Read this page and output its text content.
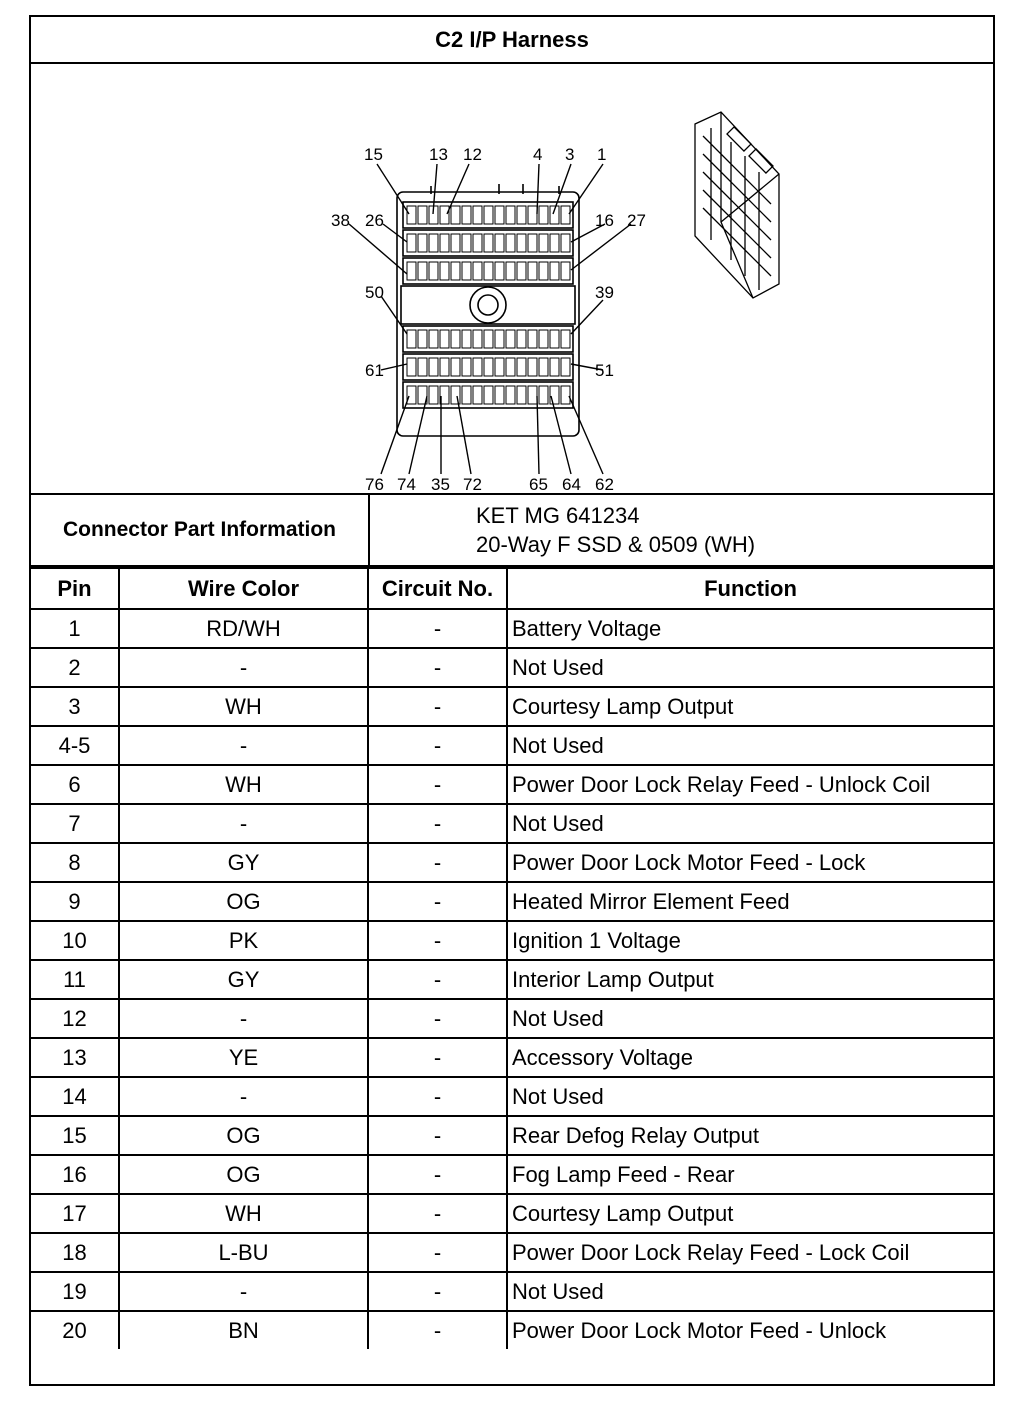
C2 I/P Harness
15	13 12	4 3 1
38 26	16 27
50	39
61	51
76 74 35 72	65 64 62
Connector Part Information
KET MG 641234
20-Way F SSD & 0509 (WH)
Pin	Wire Color	Circuit No.	Function
1	RD/WH	-	Battery Voltage
2	-	-	Not Used
3	WH	-	Courtesy Lamp Output
4-5	-	-	Not Used
6	WH	-	Power Door Lock Relay Feed - Unlock Coil
7	-	-	Not Used
8	GY	-	Power Door Lock Motor Feed - Lock
9	OG	-	Heated Mirror Element Feed
10	PK	-	Ignition 1 Voltage
11	GY	-	Interior Lamp Output
12	-	-	Not Used
13	YE	-	Accessory Voltage
14	-	-	Not Used
15	OG	-	Rear Defog Relay Output
16	OG	-	Fog Lamp Feed - Rear
17	WH	-	Courtesy Lamp Output
18	L-BU	-	Power Door Lock Relay Feed - Lock Coil
19	-	-	Not Used
20	BN	-	Power Door Lock Motor Feed - Unlock
